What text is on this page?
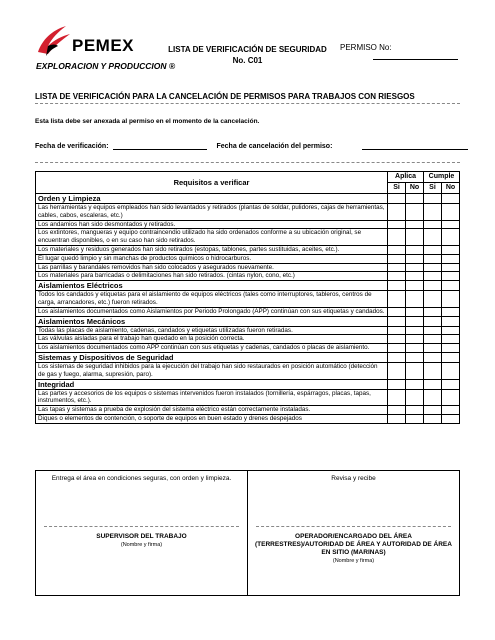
PEMEX
EXPLORACION Y PRODUCCION ®
LISTA DE VERIFICACIÓN DE SEGURIDAD
No. C01
PERMISO No:
LISTA DE VERIFICACIÓN PARA LA CANCELACIÓN DE PERMISOS PARA TRABAJOS CON RIESGOS
Esta lista debe ser anexada al permiso en el momento de la cancelación.
Fecha de verificación:	Fecha de cancelación del permiso:
Requisitos a verificar	Aplica		Cumple	
	Si	No	Si	No
Orden y Limpieza				
Las herramientas y equipos empleados han sido levantados y retirados (plantas de soldar, pulidores, cajas de herramientas, cables, cabos, escaleras, etc.)				
Los andamios han sido desmontados y retirados.				
Los extintores, mangueras y equipo contraincendio utilizado ha sido ordenados conforme a su ubicación original, se encuentran disponibles, o en su caso han sido retirados.				
Los materiales y residuos generados han sido retirados (estopas, tablones, partes sustituidas, aceites, etc.).				
El lugar quedó limpio y sin manchas de productos químicos o hidrocarburos.				
Las parrillas y barandales removidos han sido colocados y asegurados nuevamente.				
Los materiales para barricadas o delimitaciones han sido retirados. (cintas nylon, cono, etc.)				
Aislamientos Eléctricos				
Todos los candados y etiquetas para el aislamiento de equipos eléctricos (tales como interruptores, tableros, centros de carga, arrancadores, etc.) fueron retirados.				
Los aislamientos documentados como Aislamientos por Periodo Prolongado (APP) continúan con sus etiquetas y candados.				
Aislamientos Mecánicos				
Todas las placas de aislamiento, cadenas, candados y etiquetas utilizadas fueron retiradas.				
Las válvulas aisladas para el trabajo han quedado en la posición correcta.				
Los aislamientos documentados como APP continúan con sus etiquetas y cadenas, candados o placas de aislamiento.				
Sistemas y Dispositivos de Seguridad				
Los sistemas de seguridad inhibidos para la ejecución del trabajo han sido restaurados en posición automático (detección de gas y fuego, alarma, supresión, paro).				
Integridad				
Las partes y accesorios de los equipos o sistemas intervenidos fueron instalados (tornillería, espárragos, placas, tapas, instrumentos, etc.).				
Las tapas y sistemas a prueba de explosión del sistema eléctrico están correctamente instaladas.				
Diques o elementos de contención, o soporte de equipos en buen estado y drenes despejados				
Entrega el área en condiciones seguras, con orden y limpieza.
SUPERVISOR DEL TRABAJO
(Nombre y firma)
Revisa y recibe
OPERADOR/ENCARGADO DEL ÁREA (TERRESTRES)/AUTORIDAD DE ÁREA Y AUTORIDAD DE ÁREA EN SITIO (MARINAS)
(Nombre y firma)
